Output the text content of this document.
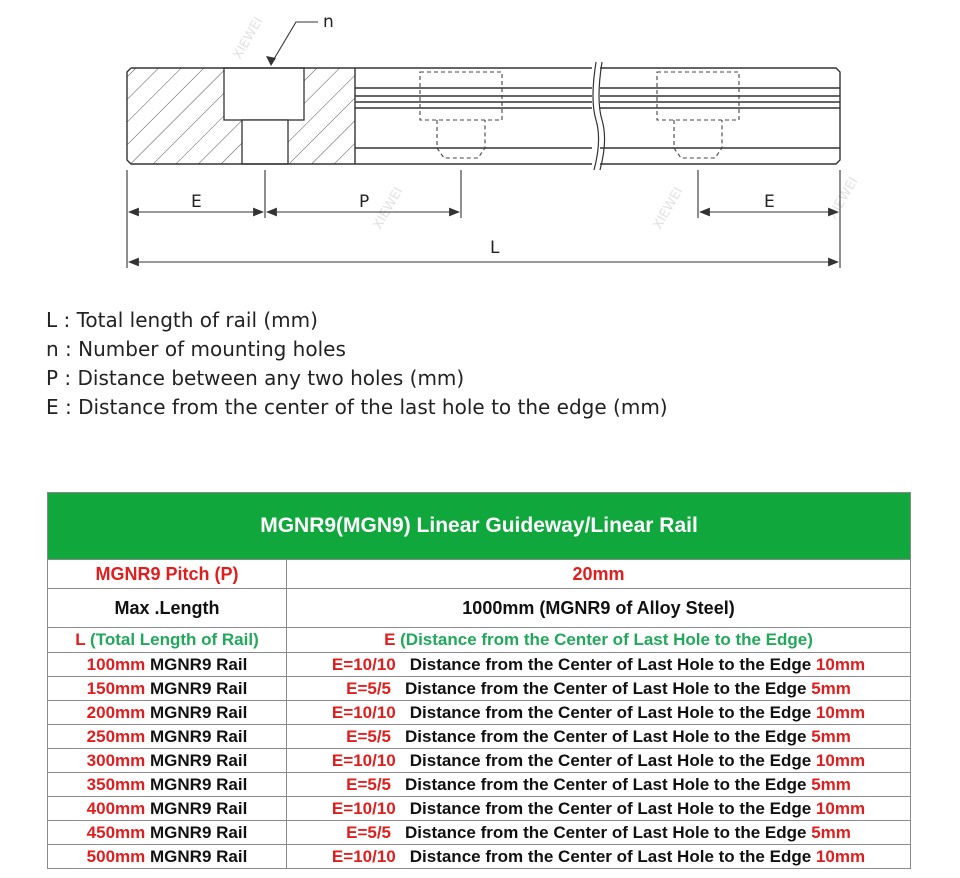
XIEWEI
XIEWEI	XIEWEI	XIEWEI
n
E	P	E
L
L : Total length of rail (mm)
n : Number of mounting holes
P : Distance between any two holes (mm)
E : Distance from the center of the last hole to the edge (mm)
MGNR9(MGN9) Linear Guideway/Linear Rail	
MGNR9 Pitch (P)	20mm
Max .Length	1000mm (MGNR9 of Alloy Steel)
L (Total Length of Rail)	E (Distance from the Center of Last Hole to the Edge)
100mm MGNR9 Rail	E=10/10 Distance from the Center of Last Hole to the Edge 10mm
150mm MGNR9 Rail	E=5/5 Distance from the Center of Last Hole to the Edge 5mm
200mm MGNR9 Rail	E=10/10 Distance from the Center of Last Hole to the Edge 10mm
250mm MGNR9 Rail	E=5/5 Distance from the Center of Last Hole to the Edge 5mm
300mm MGNR9 Rail	E=10/10 Distance from the Center of Last Hole to the Edge 10mm
350mm MGNR9 Rail	E=5/5 Distance from the Center of Last Hole to the Edge 5mm
400mm MGNR9 Rail	E=10/10 Distance from the Center of Last Hole to the Edge 10mm
450mm MGNR9 Rail	E=5/5 Distance from the Center of Last Hole to the Edge 5mm
500mm MGNR9 Rail	E=10/10 Distance from the Center of Last Hole to the Edge 10mm
